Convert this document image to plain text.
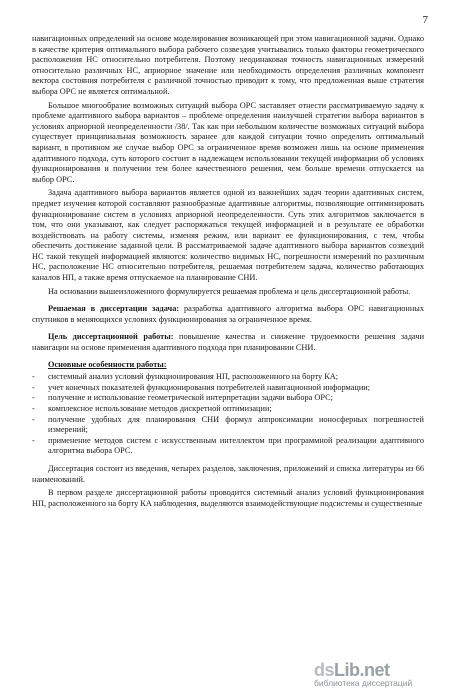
7

навигационных определений на основе моделирования возникающей при этом навигационной задачи. Однако в качестве критерия оптимального выбора рабочего созвездия учитывались только факторы геометрического расположения НС относительно потребителя. Поэтому неодинаковая точность навигационных измерений относительно различных НС, априорное значение или необходимость определения различных компонент вектора состояния потребителя с различной точностью приводит к тому, что предложенная выше стратегия выбора ОРС не является оптимальной.

Большое многообразие возможных ситуаций выбора ОРС заставляет отнести рассматриваемую задачу к проблеме адаптивного выбора вариантов – проблеме определения наилучшей стратегии выбора вариантов в условиях априорной неопределенности /38/. Так как при небольшом количестве возможных ситуаций выбора существует принципиальная возможность заранее для каждой ситуации точно определить оптимальный вариант, в противном же случае выбор ОРС за ограниченное время возможен лишь на основе применения адаптивного подхода, суть которого состоит в надлежащем использовании текущей информации об условиях функционирования и получении тем более качественного решения, чем больше времени отпускается на выбор ОРС.

Задача адаптивного выбора вариантов является одной из важнейших задач теории адаптивных систем, предмет изучения которой составляют разнообразные адаптивные алгоритмы, позволяющие оптимизировать функционирование систем в условиях априорной неопределенности. Суть этих алгоритмов заключается в том, что они указывают, как следует распоряжаться текущей информацией и в результате ее обработки воздействовать на работу системы, изменяя режим, или вариант ее функционирования, с тем, чтобы обеспечить достижение заданной цели. В рассматриваемой задаче адаптивного выбора вариантов созвездий НС такой текущей информацией являются: количество видимых НС, погрешности измерений по различным НС, расположение НС относительно потребителя, решаемая потребителем задача, количество работающих каналов НП, а также время отпускаемое на планирование СНИ.

На основании вышеизложенного формулируется решаемая проблема и цель диссертационной работы.

Решаемая в диссертации задача: разработка адаптивного алгоритма выбора ОРС навигационных спутников в меняющихся условиях функционирования за ограниченное время.

Цель диссертационной работы: повышение качества и снижение трудоемкости решения задачи навигации на основе применения адаптивного подхода при планировании СНИ.

Основные особенности работы:
- системный анализ условий функционирования НП, расположенного на борту КА;
- учет конечных показателей функционирования потребителей навигационной информации;
- получение и использование геометрической интерпретации задачи выбора ОРС;
- комплексное использование методов дискретной оптимизации;
- получение удобных для планирования СНИ формул аппроксимации ионосферных погрешностей измерений;
- применение методов систем с искусственным интеллектом при программной реализации адаптивного алгоритма выбора ОРС.

Диссертация состоит из введения, четырех разделов, заключения, приложений и списка литературы из 66 наименований.

В первом разделе диссертационной работы проводится системный анализ условий функционирования НП, расположенного на борту КА наблюдения, выделяются взаимодействующие подсистемы и существенные

dsLib.net
библиотека диссертаций
